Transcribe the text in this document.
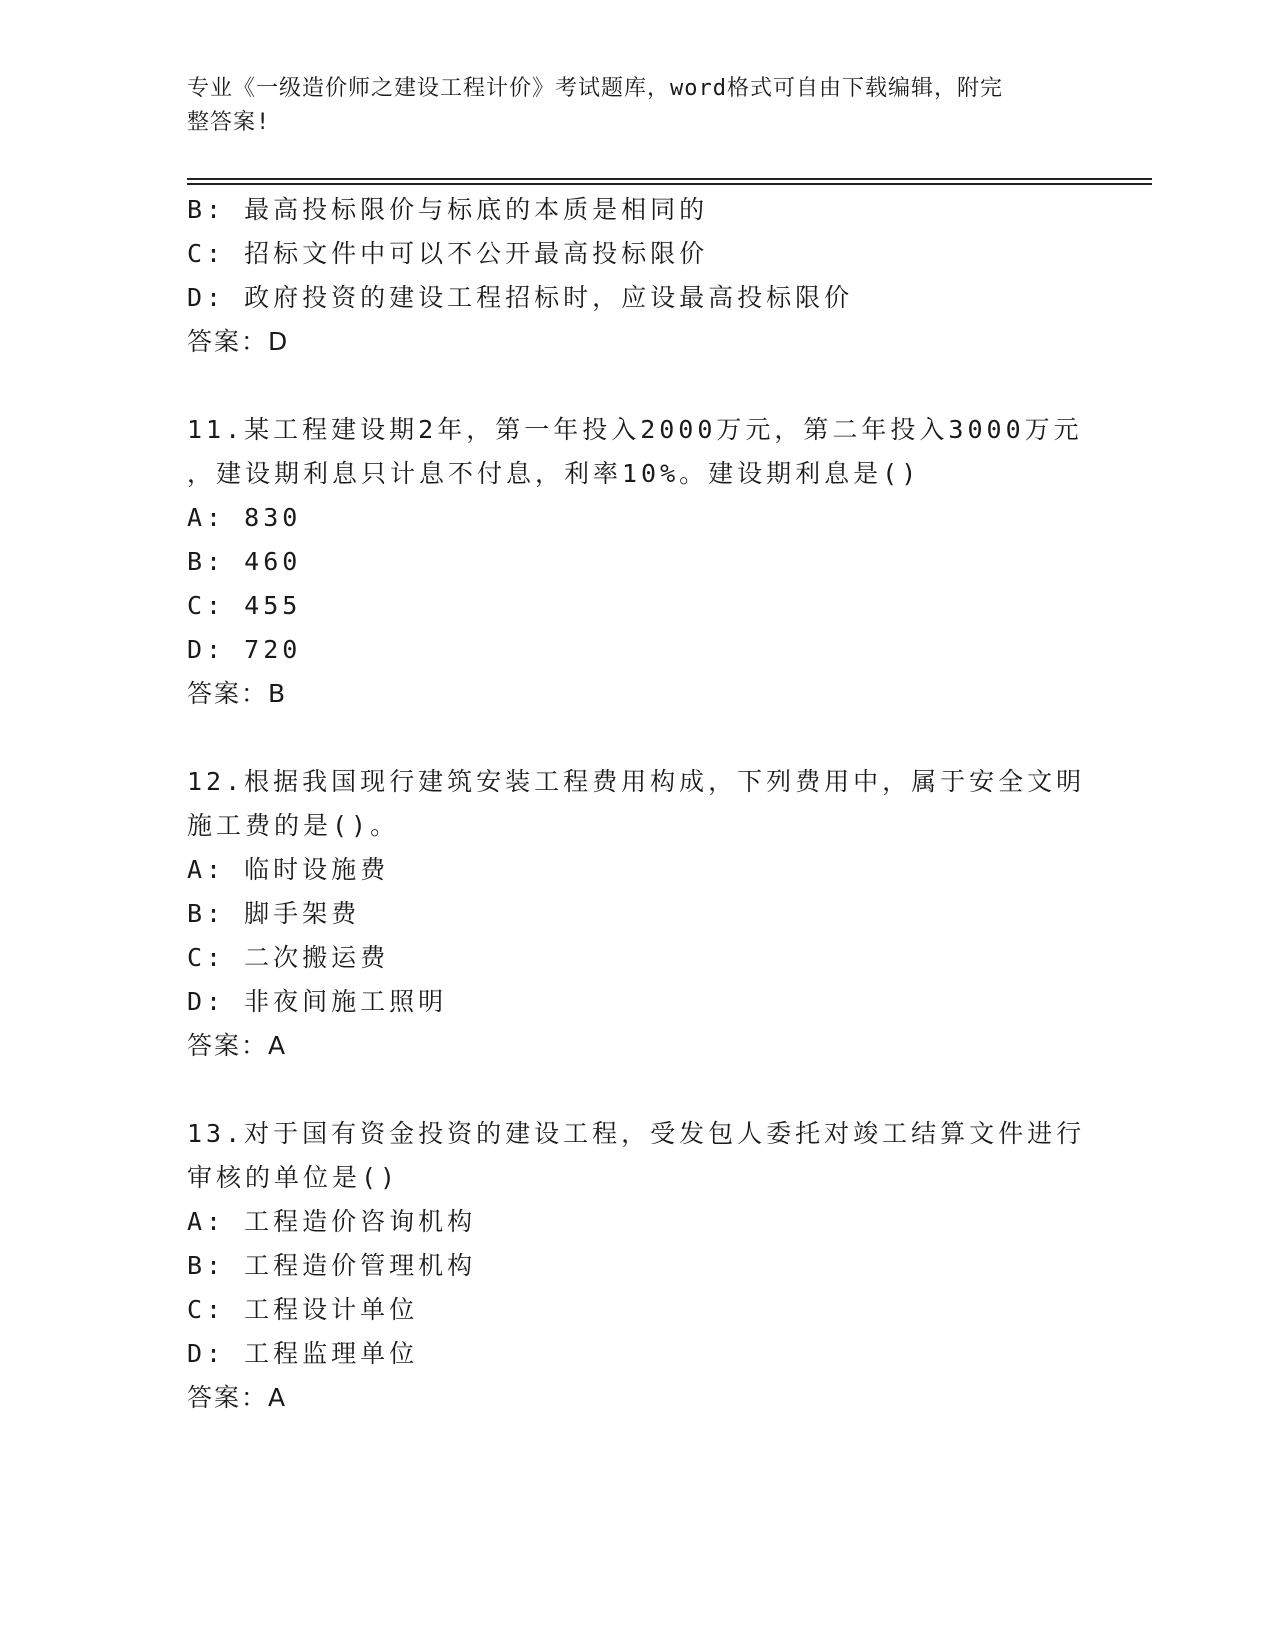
专业《一级造价师之建设工程计价》考试题库，word格式可自由下载编辑，附完
整答案!
B: 最高投标限价与标底的本质是相同的
C: 招标文件中可以不公开最高投标限价
D: 政府投资的建设工程招标时，应设最高投标限价
答案：D
11.某工程建设期2年，第一年投入2000万元，第二年投入3000万元
，建设期利息只计息不付息，利率10%。建设期利息是()
A: 830
B: 460
C: 455
D: 720
答案：B
12.根据我国现行建筑安装工程费用构成，下列费用中，属于安全文明
施工费的是()。
A: 临时设施费
B: 脚手架费
C: 二次搬运费
D: 非夜间施工照明
答案：A
13.对于国有资金投资的建设工程，受发包人委托对竣工结算文件进行
审核的单位是()
A: 工程造价咨询机构
B: 工程造价管理机构
C: 工程设计单位
D: 工程监理单位
答案：A
